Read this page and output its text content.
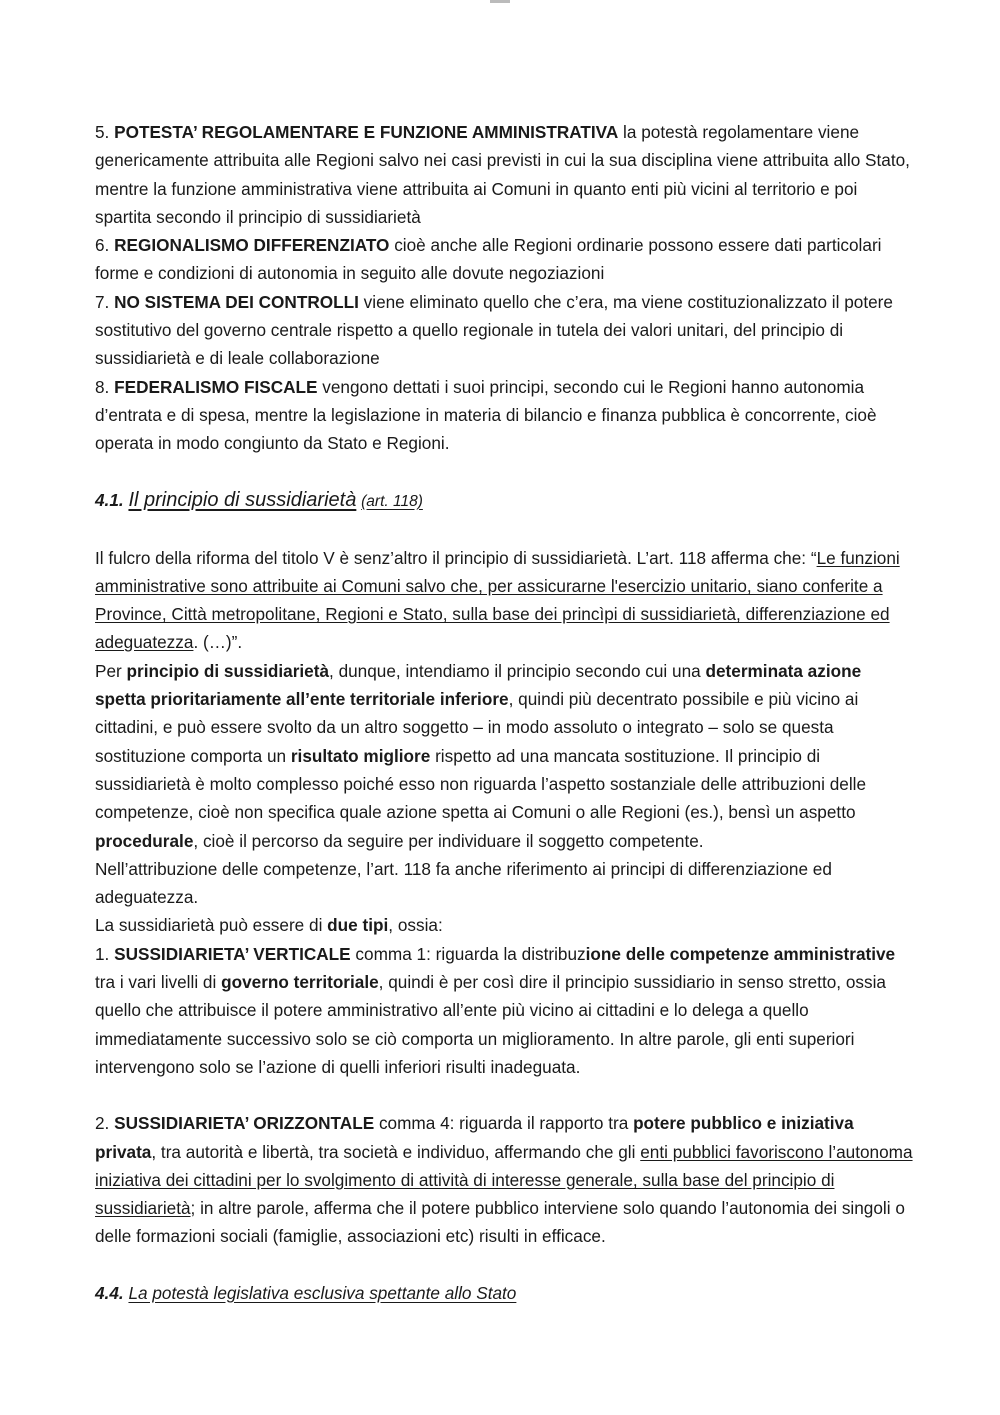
5. POTESTA’ REGOLAMENTARE E FUNZIONE AMMINISTRATIVA la potestà regolamentare viene genericamente attribuita alle Regioni salvo nei casi previsti in cui la sua disciplina viene attribuita allo Stato, mentre la funzione amministrativa viene attribuita ai Comuni in quanto enti più vicini al territorio e poi spartita secondo il principio di sussidiarietà

6. REGIONALISMO DIFFERENZIATO cioè anche alle Regioni ordinarie possono essere dati particolari forme e condizioni di autonomia in seguito alle dovute negoziazioni

7. NO SISTEMA DEI CONTROLLI viene eliminato quello che c’era, ma viene costituzionalizzato il potere sostitutivo del governo centrale rispetto a quello regionale in tutela dei valori unitari, del principio di sussidiarietà e di leale collaborazione

8. FEDERALISMO FISCALE vengono dettati i suoi principi, secondo cui le Regioni hanno autonomia d’entrata e di spesa, mentre la legislazione in materia di bilancio e finanza pubblica è concorrente, cioè operata in modo congiunto da Stato e Regioni.

4.1. Il principio di sussidiarietà (art. 118)

Il fulcro della riforma del titolo V è senz’altro il principio di sussidiarietà. L’art. 118 afferma che: “Le funzioni amministrative sono attribuite ai Comuni salvo che, per assicurarne l'esercizio unitario, siano conferite a Province, Città metropolitane, Regioni e Stato, sulla base dei princìpi di sussidiarietà, differenziazione ed adeguatezza. (…)”.

Per principio di sussidiarietà, dunque, intendiamo il principio secondo cui una determinata azione spetta prioritariamente all’ente territoriale inferiore, quindi più decentrato possibile e più vicino ai cittadini, e può essere svolto da un altro soggetto – in modo assoluto o integrato – solo se questa sostituzione comporta un risultato migliore rispetto ad una mancata sostituzione. Il principio di sussidiarietà è molto complesso poiché esso non riguarda l’aspetto sostanziale delle attribuzioni delle competenze, cioè non specifica quale azione spetta ai Comuni o alle Regioni (es.), bensì un aspetto procedurale, cioè il percorso da seguire per individuare il soggetto competente.

Nell’attribuzione delle competenze, l’art. 118 fa anche riferimento ai principi di differenziazione ed adeguatezza.

La sussidiarietà può essere di due tipi, ossia:

1. SUSSIDIARIETA’ VERTICALE comma 1: riguarda la distribuzione delle competenze amministrative tra i vari livelli di governo territoriale, quindi è per così dire il principio sussidiario in senso stretto, ossia quello che attribuisce il potere amministrativo all’ente più vicino ai cittadini e lo delega a quello immediatamente successivo solo se ciò comporta un miglioramento. In altre parole, gli enti superiori intervengono solo se l’azione di quelli inferiori risulti inadeguata.

2. SUSSIDIARIETA’ ORIZZONTALE comma 4: riguarda il rapporto tra potere pubblico e iniziativa privata, tra autorità e libertà, tra società e individuo, affermando che gli enti pubblici favoriscono l’autonoma iniziativa dei cittadini per lo svolgimento di attività di interesse generale, sulla base del principio di sussidiarietà; in altre parole, afferma che il potere pubblico interviene solo quando l’autonomia dei singoli o delle formazioni sociali (famiglie, associazioni etc) risulti in efficace.

4.4. La potestà legislativa esclusiva spettante allo Stato
